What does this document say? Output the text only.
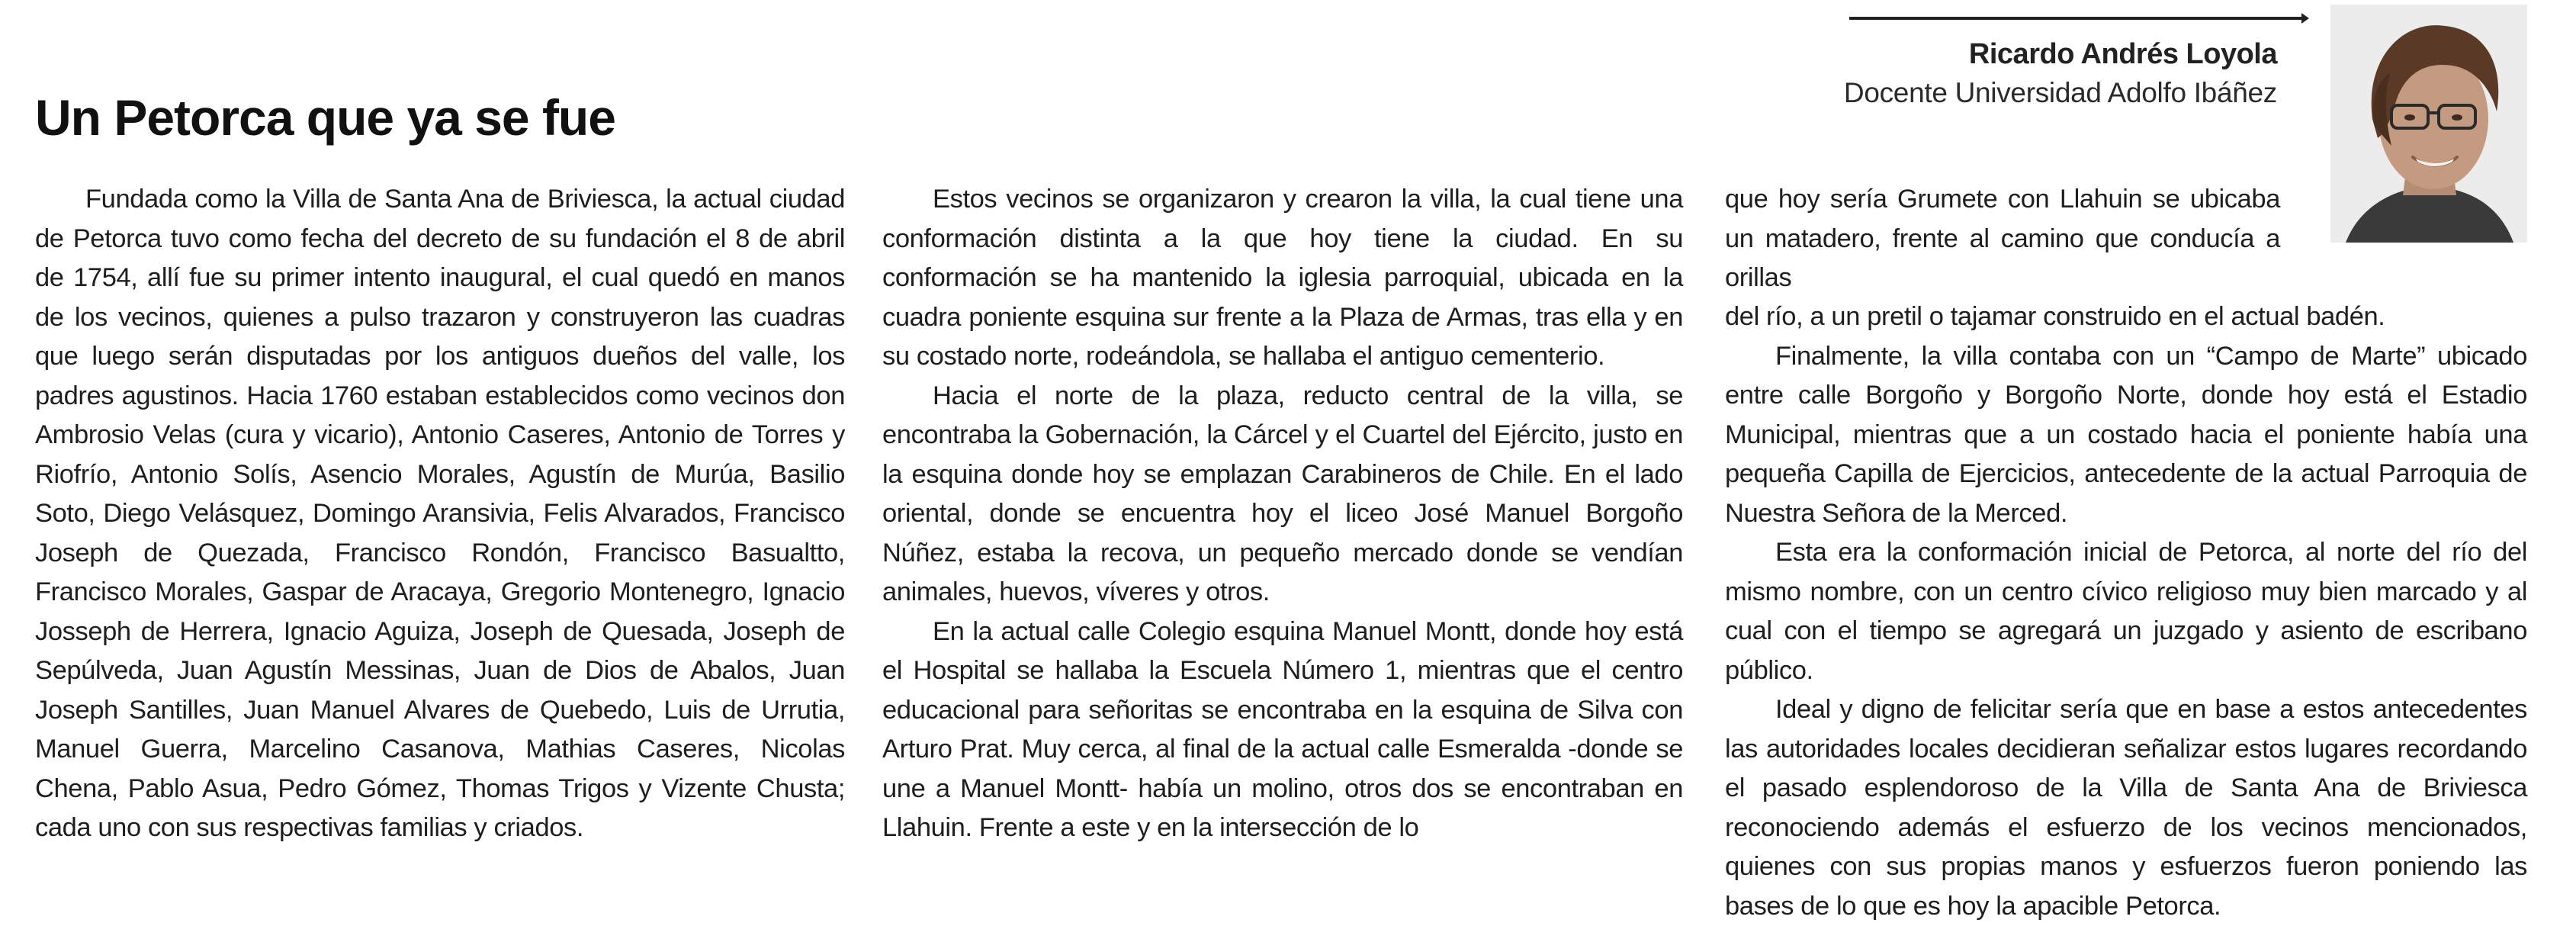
Ricardo Andrés Loyola
Docente Universidad Adolfo Ibáñez
Un Petorca que ya se fue

Fundada como la Villa de Santa Ana de Briviesca, la actual ciudad de Petorca tuvo como fecha del decreto de su fundación el 8 de abril de 1754, allí fue su primer intento inaugural, el cual quedó en manos de los vecinos, quienes a pulso trazaron y construyeron las cuadras que luego serán disputadas por los antiguos dueños del valle, los padres agustinos. Hacia 1760 estaban establecidos como vecinos don Ambrosio Velas (cura y vicario), Antonio Caseres, Antonio de Torres y Riofrío, Antonio Solís, Asencio Morales, Agustín de Murúa, Basilio Soto, Diego Velásquez, Domingo Aransivia, Felis Alvarados, Francisco Joseph de Quezada, Francisco Rondón, Francisco Basualtto, Francisco Morales, Gaspar de Aracaya, Gregorio Montenegro, Ignacio Josseph de Herrera, Ignacio Aguiza, Joseph de Quesada, Joseph de Sepúlveda, Juan Agustín Messinas, Juan de Dios de Abalos, Juan Joseph Santilles, Juan Manuel Alvares de Quebedo, Luis de Urrutia, Manuel Guerra, Marcelino Casanova, Mathias Caseres, Nicolas Chena, Pablo Asua, Pedro Gómez, Thomas Trigos y Vizente Chusta; cada uno con sus respectivas familias y criados.

Estos vecinos se organizaron y crearon la villa, la cual tiene una conformación distinta a la que hoy tiene la ciudad. En su conformación se ha mantenido la iglesia parroquial, ubicada en la cuadra poniente esquina sur frente a la Plaza de Armas, tras ella y en su costado norte, rodeándola, se hallaba el antiguo cementerio.

Hacia el norte de la plaza, reducto central de la villa, se encontraba la Gobernación, la Cárcel y el Cuartel del Ejército, justo en la esquina donde hoy se emplazan Carabineros de Chile. En el lado oriental, donde se encuentra hoy el liceo José Manuel Borgoño Núñez, estaba la recova, un pequeño mercado donde se vendían animales, huevos, víveres y otros.

En la actual calle Colegio esquina Manuel Montt, donde hoy está el Hospital se hallaba la Escuela Número 1, mientras que el centro educacional para señoritas se encontraba en la esquina de Silva con Arturo Prat. Muy cerca, al final de la actual calle Esmeralda -donde se une a Manuel Montt- había un molino, otros dos se encontraban en Llahuin. Frente a este y en la intersección de lo

que hoy sería Grumete con Llahuin se ubicaba un matadero, frente al camino que conducía a orillas

del río, a un pretil o tajamar construido en el actual badén.

Finalmente, la villa contaba con un “Campo de Marte” ubicado entre calle Borgoño y Borgoño Norte, donde hoy está el Estadio Municipal, mientras que a un costado hacia el poniente había una pequeña Capilla de Ejercicios, antecedente de la actual Parroquia de Nuestra Señora de la Merced.

Esta era la conformación inicial de Petorca, al norte del río del mismo nombre, con un centro cívico religioso muy bien marcado y al cual con el tiempo se agregará un juzgado y asiento de escribano público.

Ideal y digno de felicitar sería que en base a estos antecedentes las autoridades locales decidieran señalizar estos lugares recordando el pasado esplendoroso de la Villa de Santa Ana de Briviesca reconociendo además el esfuerzo de los vecinos mencionados, quienes con sus propias manos y esfuerzos fueron poniendo las bases de lo que es hoy la apacible Petorca.
